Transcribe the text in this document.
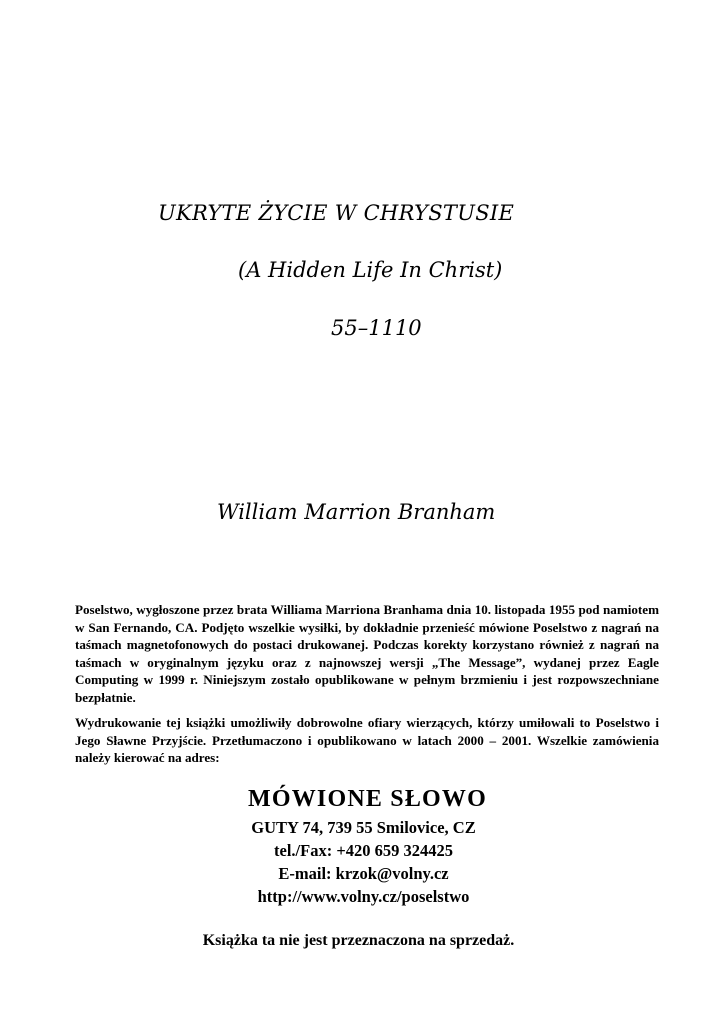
UKRYTE ŻYCIE W CHRYSTUSIE
(A Hidden Life In Christ)
55–1110
William Marrion Branham
Poselstwo, wygłoszone przez brata Williama Marriona Branhama dnia 10. listopada 1955 pod namiotem w San Fernando, CA. Podjęto wszelkie wysiłki, by dokładnie przenieść mówione Poselstwo z nagrań na taśmach magnetofonowych do postaci drukowanej. Podczas korekty korzystano również z nagrań na taśmach w oryginalnym języku oraz z najnowszej wersji „The Message”, wydanej przez Eagle Computing w 1999 r. Niniejszym zostało opublikowane w pełnym brzmieniu i jest rozpowszechniane bezpłatnie.
Wydrukowanie tej książki umożliwiły dobrowolne ofiary wierzących, którzy umiłowali to Poselstwo i Jego Sławne Przyjście. Przetłumaczono i opublikowano w latach 2000 – 2001. Wszelkie zamówienia należy kierować na adres:
MÓWIONE SŁOWO
GUTY 74, 739 55 Smilovice, CZ
tel./Fax: +420 659 324425
E-mail: krzok@volny.cz
http://www.volny.cz/poselstwo
Książka ta nie jest przeznaczona na sprzedaż.
